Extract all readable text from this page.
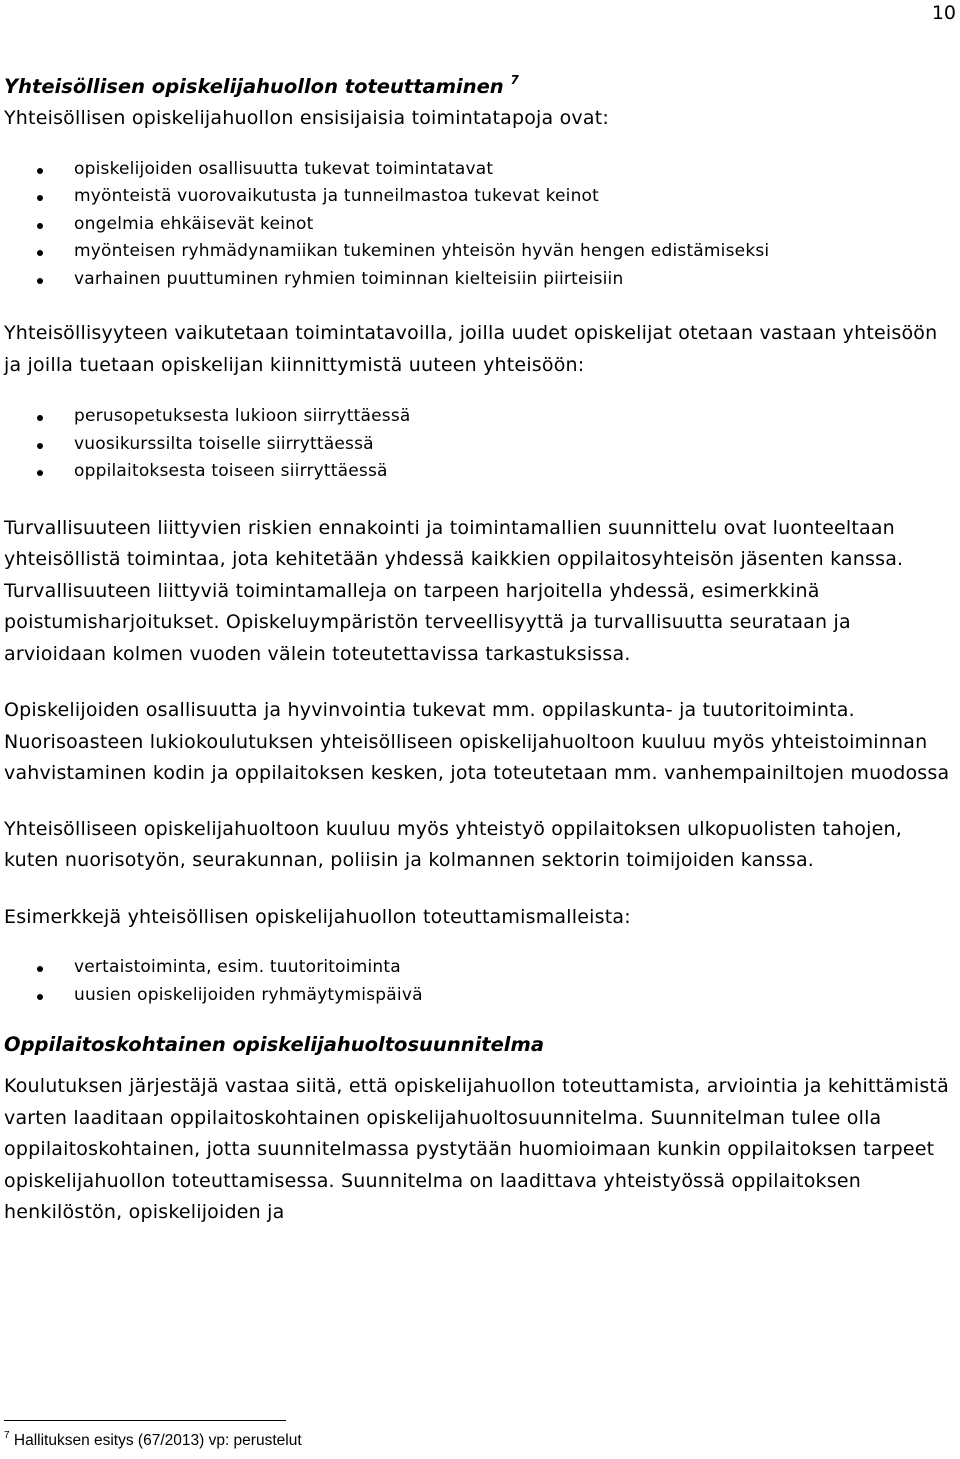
10
Yhteisöllisen opiskelijahuollon toteuttaminen $^7$

Yhteisöllisen opiskelijahuollon ensisijaisia toimintatapoja ovat:

opiskelijoiden osallisuutta tukevat toimintatavat
myönteistä vuorovaikutusta ja tunneilmastoa tukevat keinot
ongelmia ehkäisevät keinot
myönteisen ryhmädynamiikan tukeminen yhteisön hyvän hengen edistämiseksi
varhainen puuttuminen ryhmien toiminnan kielteisiin piirteisiin

Yhteisöllisyyteen vaikutetaan toimintatavoilla, joilla uudet opiskelijat otetaan vastaan yhteisöön ja joilla tuetaan opiskelijan kiinnittymistä uuteen yhteisöön:

perusopetuksesta lukioon siirryttäessä
vuosikurssilta toiselle siirryttäessä
oppilaitoksesta toiseen siirryttäessä

Turvallisuuteen liittyvien riskien ennakointi ja toimintamallien suunnittelu ovat luonteeltaan yhteisöllistä toimintaa, jota kehitetään yhdessä kaikkien oppilaitosyhteisön jäsenten kanssa. Turvallisuuteen liittyviä toimintamalleja on tarpeen harjoitella yhdessä, esimerkkinä poistumisharjoitukset. Opiskeluympäristön terveellisyyttä ja turvallisuutta seurataan ja arvioidaan kolmen vuoden välein toteutettavissa tarkastuksissa.

Opiskelijoiden osallisuutta ja hyvinvointia tukevat mm. oppilaskunta- ja tuutoritoiminta. Nuorisoasteen lukiokoulutuksen yhteisölliseen opiskelijahuoltoon kuuluu myös yhteistoiminnan vahvistaminen kodin ja oppilaitoksen kesken, jota toteutetaan mm. vanhempainiltojen muodossa

Yhteisölliseen opiskelijahuoltoon kuuluu myös yhteistyö oppilaitoksen ulkopuolisten tahojen, kuten nuorisotyön, seurakunnan, poliisin ja kolmannen sektorin toimijoiden kanssa.

Esimerkkejä yhteisöllisen opiskelijahuollon toteuttamismalleista:

vertaistoiminta, esim. tuutoritoiminta
uusien opiskelijoiden ryhmäytymispäivä
Oppilaitoskohtainen opiskelijahuoltosuunnitelma

Koulutuksen järjestäjä vastaa siitä, että opiskelijahuollon toteuttamista, arviointia ja kehittämistä varten laaditaan oppilaitoskohtainen opiskelijahuoltosuunnitelma. Suunnitelman tulee olla oppilaitoskohtainen, jotta suunnitelmassa pystytään huomioimaan kunkin oppilaitoksen tarpeet opiskelijahuollon toteuttamisessa. Suunnitelma on laadittava yhteistyössä oppilaitoksen henkilöstön, opiskelijoiden ja

$^7$ Hallituksen esitys (67/2013) vp: perustelut
